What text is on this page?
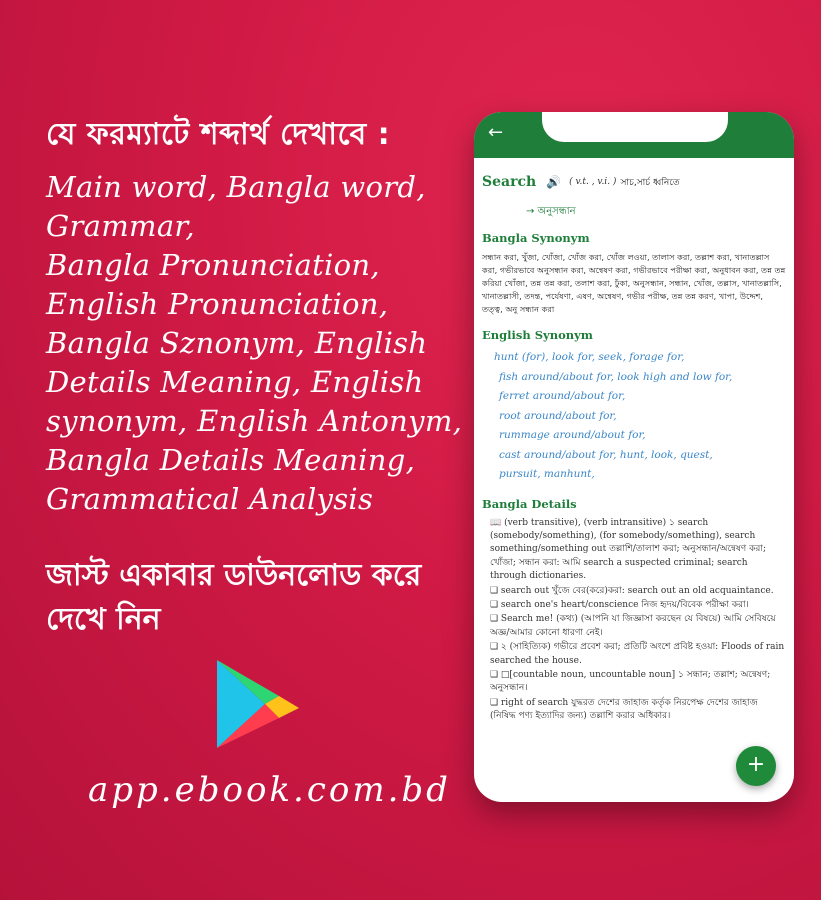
যে ফরম্যাটে শব্দার্থ দেখাবে :
Main word, Bangla word,
Grammar,
Bangla Pronunciation,
English Pronunciation,
Bangla Sznonym, English
Details Meaning, English
synonym, English Antonym,
Bangla Details Meaning,
Grammatical Analysis
জাস্ট একাবার ডাউনলোড করে
দেখে নিন
app.ebook.com.bd
←
Search 🔊 ( v.t. , v.i. ) সাচ,সার্চ ধ্বনিতে
→ অনুসন্ধান
Bangla Synonym
সন্ধান করা, খুঁজা, খোঁজা, খোঁজ করা, খোঁজ লওয়া, তালাস করা, তল্লাশ করা, খানাতল্লাস করা, গভীরভাবে অনুসন্ধান করা, অন্বেষণ করা, গভীরভাবে পরীক্ষা করা, অনুধাবন করা, তন্ন তন্ন করিয়া খোঁজা, তন্ন তন্ন করা, তলাশ করা, ঢুঁকা, অনুসন্ধান, সন্ধান, খোঁজ, তল্লাস, খানাতল্লাসি, খানাতল্লাসী, তদন্ত, পর্যেষণা, এষণ, অন্বেষণ, গভীর পরীক্ষ, তন্ন তন্ন করণ, খাপা, উদ্দেশ, তত্ত্ব, অনু সন্ধান করা
English Synonym
hunt (for), look for, seek, forage for,
fish around/about for, look high and low for,
ferret around/about for,
root around/about for,
rummage around/about for,
cast around/about for, hunt, look, quest,
pursuit, manhunt,
Bangla Details

📖 (verb transitive), (verb intransitive) ১ search (somebody/something), (for somebody/something), search something/something out তল্লাশি/তালাশ করা; অনুসন্ধান/অন্বেষণ করা; খোঁজা; সন্ধান করা: আমি search a suspected criminal; search through dictionaries.

❑ search out খুঁজে বের(করে)করা: search out an old acquaintance.

❑ search one's heart/conscience নিজ হৃদয়/বিবেক পরীক্ষা করা।

❑ Search me! (কথ্য) (আপনি যা জিজ্ঞাসা করছেন যে বিষয়ে) আমি সেবিষয়ে অজ্ঞ/আমার কোনো ধারণা নেই।

❑ ২ (সাহিত্যিক) গভীরে প্রবেশ করা; প্রতিটি অংশে প্রবিষ্ট হওয়া: Floods of rain searched the house.

❑ □[countable noun, uncountable noun] ১ সন্ধান; তল্লাশ; অন্বেষণ; অনুসন্ধান।

❑ right of search যুদ্ধরত দেশের জাহাজ কর্তৃক নিরপেক্ষ দেশের জাহাজ (নিষিদ্ধ পণ্য ইত্যাদির জন্য) তল্লাশি করার অধিকার।

+
